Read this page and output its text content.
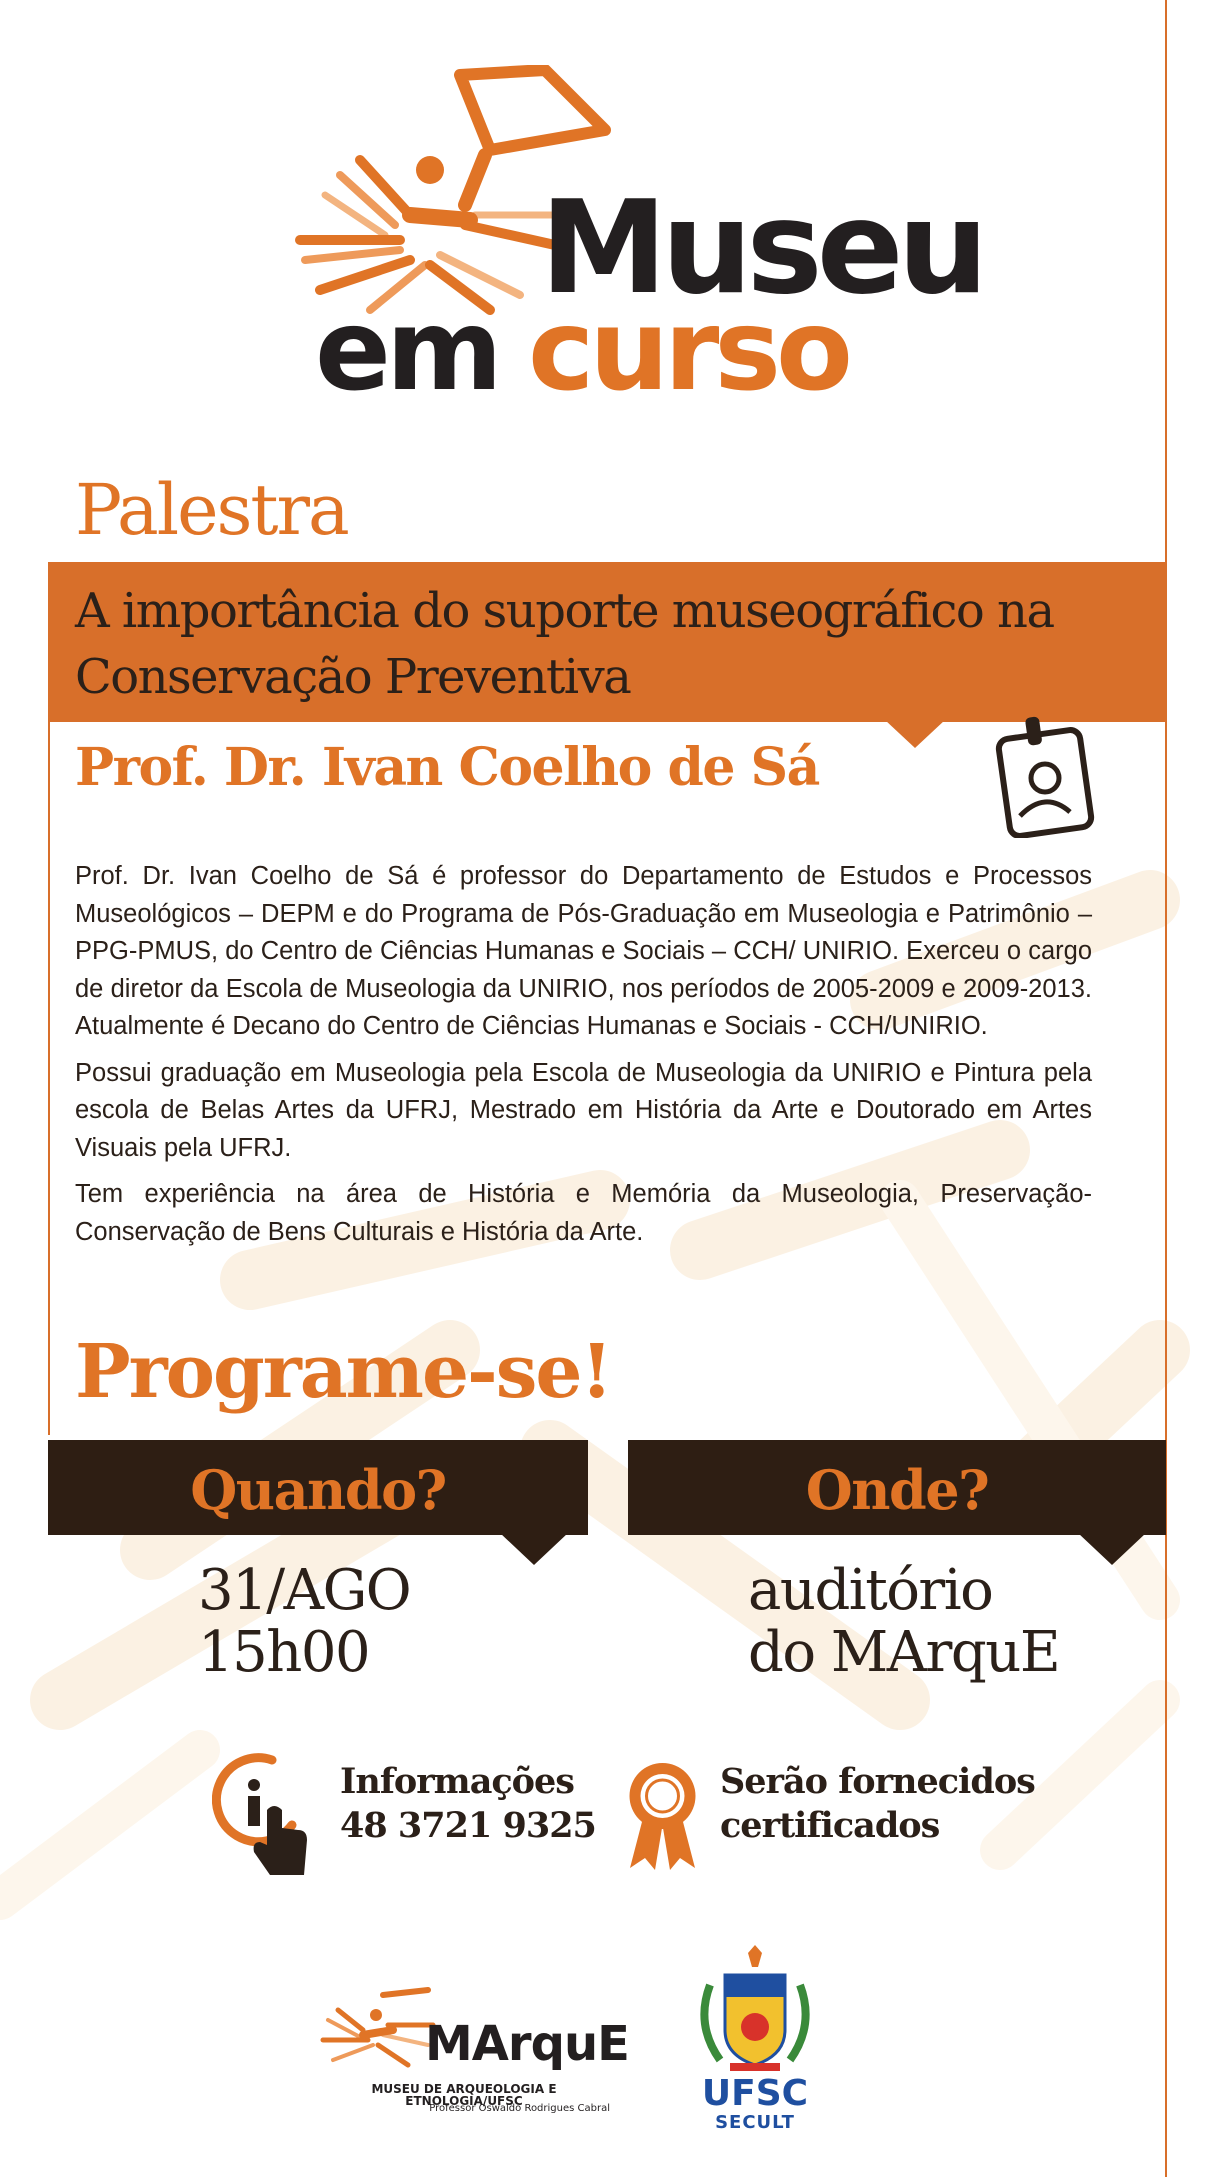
Museu
em curso
Palestra
A importância do suporte museográfico na Conservação Preventiva
Prof. Dr. Ivan Coelho de Sá

Prof. Dr. Ivan Coelho de Sá é professor do Departamento de Estudos e Processos Museológicos – DEPM e do Programa de Pós-Graduação em Museologia e Patrimônio – PPG-PMUS, do Centro de Ciências Humanas e Sociais – CCH/ UNIRIO. Exerceu o cargo de diretor da Escola de Museologia da UNIRIO, nos períodos de 2005-2009 e 2009-2013. Atualmente é Decano do Centro de Ciências Humanas e Sociais - CCH/UNIRIO.

Possui graduação em Museologia pela Escola de Museologia da UNIRIO e Pintura pela escola de Belas Artes da UFRJ, Mestrado em História da Arte e Doutorado em Artes Visuais pela UFRJ.

Tem experiência na área de História e Memória da Museologia, Preservação-Conservação de Bens Culturais e História da Arte.

Programe-se!
Quando?
31/AGO
15h00
Onde?
auditório
do MArquE
Informações
48 3721 9325
Serão fornecidos
certificados
MArquE
MUSEU DE ARQUEOLOGIA E ETNOLOGIA/UFSC
Professor Oswaldo Rodrigues Cabral	UFSC
SECULT
